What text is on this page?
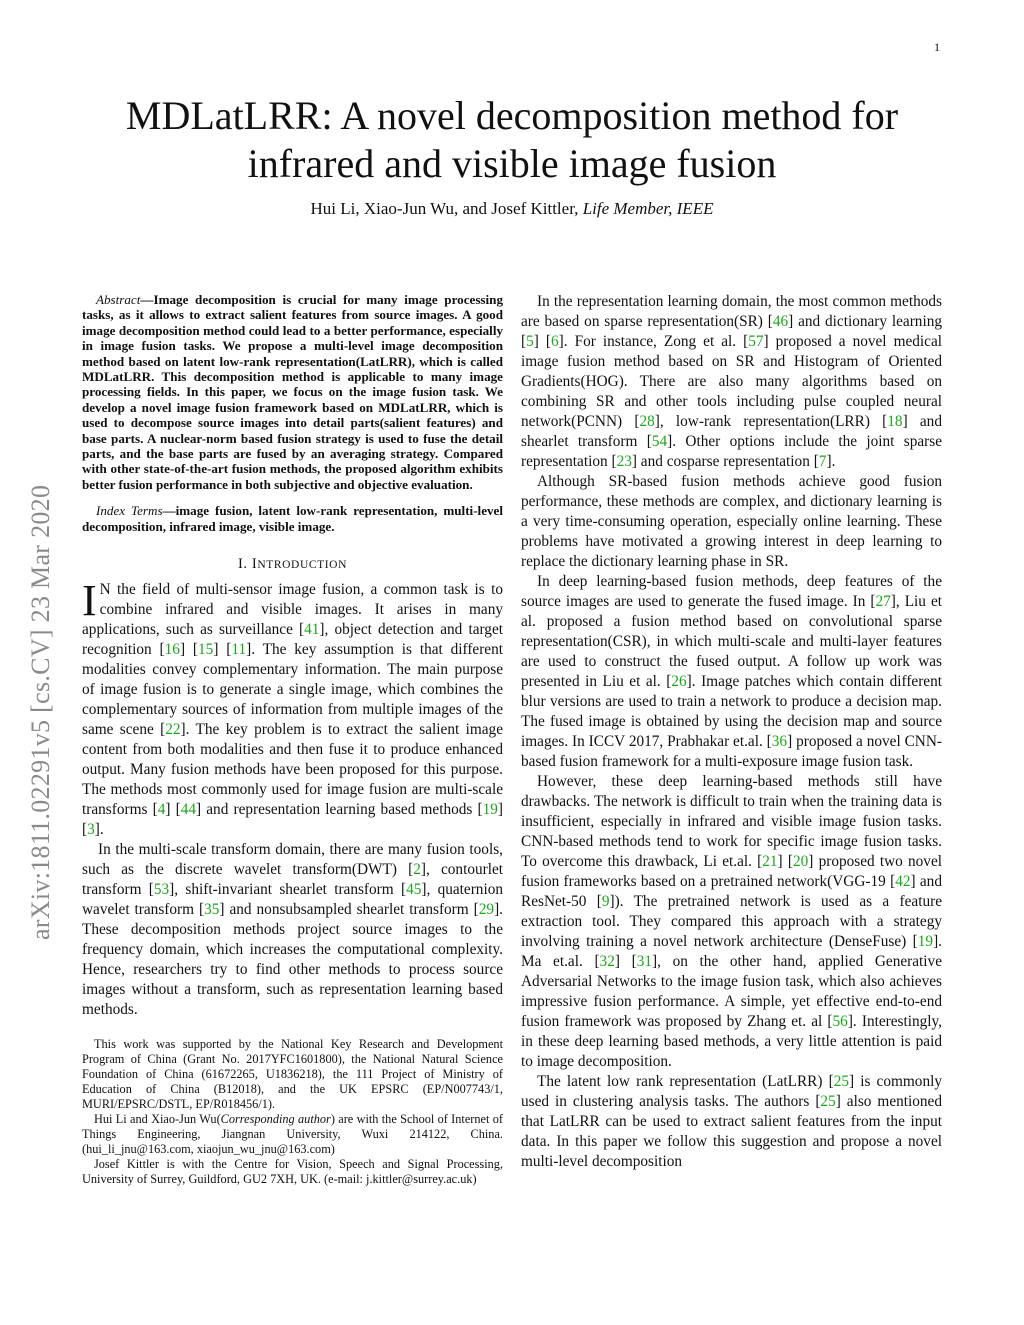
1
arXiv:1811.02291v5 [cs.CV] 23 Mar 2020
MDLatLRR: A novel decomposition method for infrared and visible image fusion
Hui Li, Xiao-Jun Wu, and Josef Kittler, Life Member, IEEE

Abstract—Image decomposition is crucial for many image processing tasks, as it allows to extract salient features from source images. A good image decomposition method could lead to a better performance, especially in image fusion tasks. We propose a multi-level image decomposition method based on latent low-rank representation(LatLRR), which is called MDLatLRR. This decomposition method is applicable to many image processing fields. In this paper, we focus on the image fusion task. We develop a novel image fusion framework based on MDLatLRR, which is used to decompose source images into detail parts(salient features) and base parts. A nuclear-norm based fusion strategy is used to fuse the detail parts, and the base parts are fused by an averaging strategy. Compared with other state-of-the-art fusion methods, the proposed algorithm exhibits better fusion performance in both subjective and objective evaluation.

Index Terms—image fusion, latent low-rank representation, multi-level decomposition, infrared image, visible image.

I. INTRODUCTION

I N the field of multi-sensor image fusion, a common task is to combine infrared and visible images. It arises in many applications, such as surveillance [41], object detection and target recognition [16] [15] [11]. The key assumption is that different modalities convey complementary information. The main purpose of image fusion is to generate a single image, which combines the complementary sources of information from multiple images of the same scene [22]. The key problem is to extract the salient image content from both modalities and then fuse it to produce enhanced output. Many fusion methods have been proposed for this purpose. The methods most commonly used for image fusion are multi-scale transforms [4] [44] and representation learning based methods [19] [3].

In the multi-scale transform domain, there are many fusion tools, such as the discrete wavelet transform(DWT) [2], contourlet transform [53], shift-invariant shearlet transform [45], quaternion wavelet transform [35] and nonsubsampled shearlet transform [29]. These decomposition methods project source images to the frequency domain, which increases the computational complexity. Hence, researchers try to find other methods to process source images without a transform, such as representation learning based methods.

This work was supported by the National Key Research and Development Program of China (Grant No. 2017YFC1601800), the National Natural Science Foundation of China (61672265, U1836218), the 111 Project of Ministry of Education of China (B12018), and the UK EPSRC (EP/N007743/1, MURI/EPSRC/DSTL, EP/R018456/1).

Hui Li and Xiao-Jun Wu(Corresponding author) are with the School of Internet of Things Engineering, Jiangnan University, Wuxi 214122, China. (hui_li_jnu@163.com, xiaojun_wu_jnu@163.com)

Josef Kittler is with the Centre for Vision, Speech and Signal Processing, University of Surrey, Guildford, GU2 7XH, UK. (e-mail: j.kittler@surrey.ac.uk)

In the representation learning domain, the most common methods are based on sparse representation(SR) [46] and dictionary learning [5] [6]. For instance, Zong et al. [57] proposed a novel medical image fusion method based on SR and Histogram of Oriented Gradients(HOG). There are also many algorithms based on combining SR and other tools including pulse coupled neural network(PCNN) [28], low-rank representation(LRR) [18] and shearlet transform [54]. Other options include the joint sparse representation [23] and cosparse representation [7].

Although SR-based fusion methods achieve good fusion performance, these methods are complex, and dictionary learning is a very time-consuming operation, especially online learning. These problems have motivated a growing interest in deep learning to replace the dictionary learning phase in SR.

In deep learning-based fusion methods, deep features of the source images are used to generate the fused image. In [27], Liu et al. proposed a fusion method based on convolutional sparse representation(CSR), in which multi-scale and multi-layer features are used to construct the fused output. A follow up work was presented in Liu et al. [26]. Image patches which contain different blur versions are used to train a network to produce a decision map. The fused image is obtained by using the decision map and source images. In ICCV 2017, Prabhakar et.al. [36] proposed a novel CNN-based fusion framework for a multi-exposure image fusion task.

However, these deep learning-based methods still have drawbacks. The network is difficult to train when the training data is insufficient, especially in infrared and visible image fusion tasks. CNN-based methods tend to work for specific image fusion tasks. To overcome this drawback, Li et.al. [21] [20] proposed two novel fusion frameworks based on a pretrained network(VGG-19 [42] and ResNet-50 [9]). The pretrained network is used as a feature extraction tool. They compared this approach with a strategy involving training a novel network architecture (DenseFuse) [19]. Ma et.al. [32] [31], on the other hand, applied Generative Adversarial Networks to the image fusion task, which also achieves impressive fusion performance. A simple, yet effective end-to-end fusion framework was proposed by Zhang et. al [56]. Interestingly, in these deep learning based methods, a very little attention is paid to image decomposition.

The latent low rank representation (LatLRR) [25] is commonly used in clustering analysis tasks. The authors [25] also mentioned that LatLRR can be used to extract salient features from the input data. In this paper we follow this suggestion and propose a novel multi-level decomposition
